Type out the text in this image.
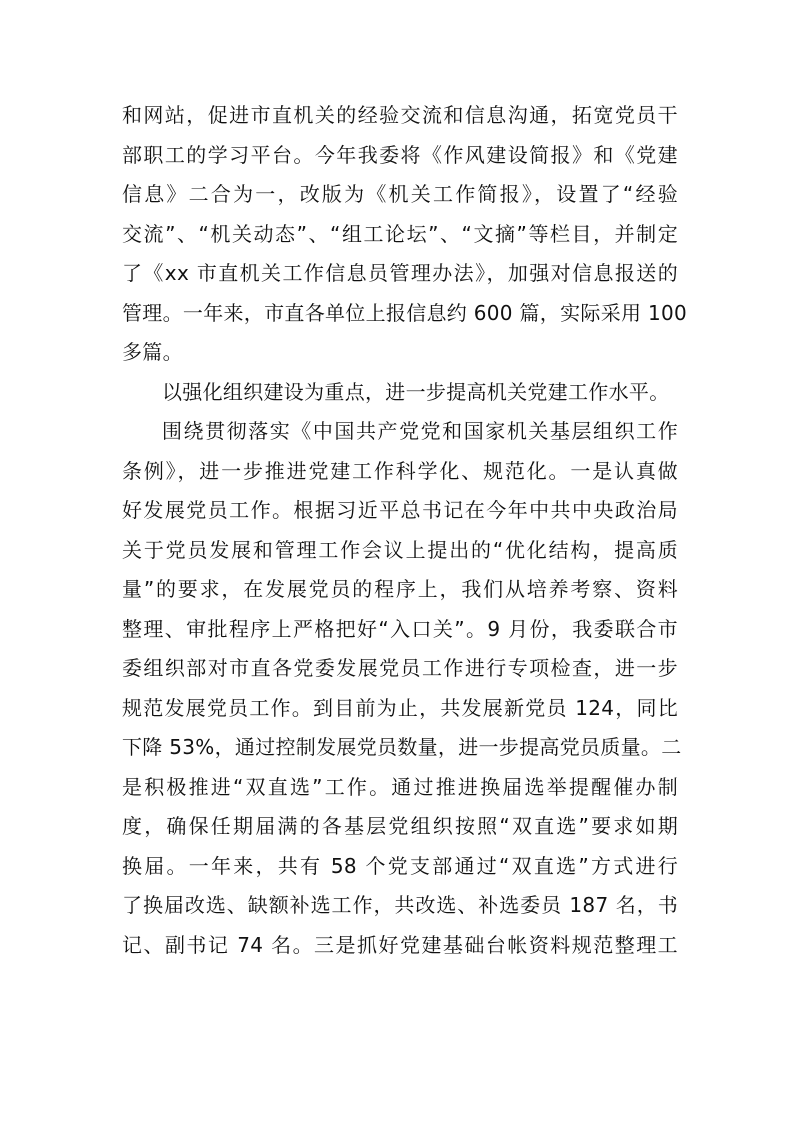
和网站，促进市直机关的经验交流和信息沟通，拓宽党员干
部职工的学习平台。今年我委将《作风建设简报》和《党建
信息》二合为一，改版为《机关工作简报》，设置了“经验
交流”、“机关动态”、“组工论坛”、“文摘”等栏目，并制定
了《xx 市直机关工作信息员管理办法》，加强对信息报送的
管理。一年来，市直各单位上报信息约 600 篇，实际采用 100
多篇。
以强化组织建设为重点，进一步提高机关党建工作水平。
围绕贯彻落实《中国共产党党和国家机关基层组织工作
条例》，进一步推进党建工作科学化、规范化。一是认真做
好发展党员工作。根据习近平总书记在今年中共中央政治局
关于党员发展和管理工作会议上提出的“优化结构，提高质
量”的要求，在发展党员的程序上，我们从培养考察、资料
整理、审批程序上严格把好“入口关”。9 月份，我委联合市
委组织部对市直各党委发展党员工作进行专项检查，进一步
规范发展党员工作。到目前为止，共发展新党员 124，同比
下降 53%，通过控制发展党员数量，进一步提高党员质量。二
是积极推进“双直选”工作。通过推进换届选举提醒催办制
度，确保任期届满的各基层党组织按照“双直选”要求如期
换届。一年来，共有 58 个党支部通过“双直选”方式进行
了换届改选、缺额补选工作，共改选、补选委员 187 名，书
记、副书记 74 名。三是抓好党建基础台帐资料规范整理工
